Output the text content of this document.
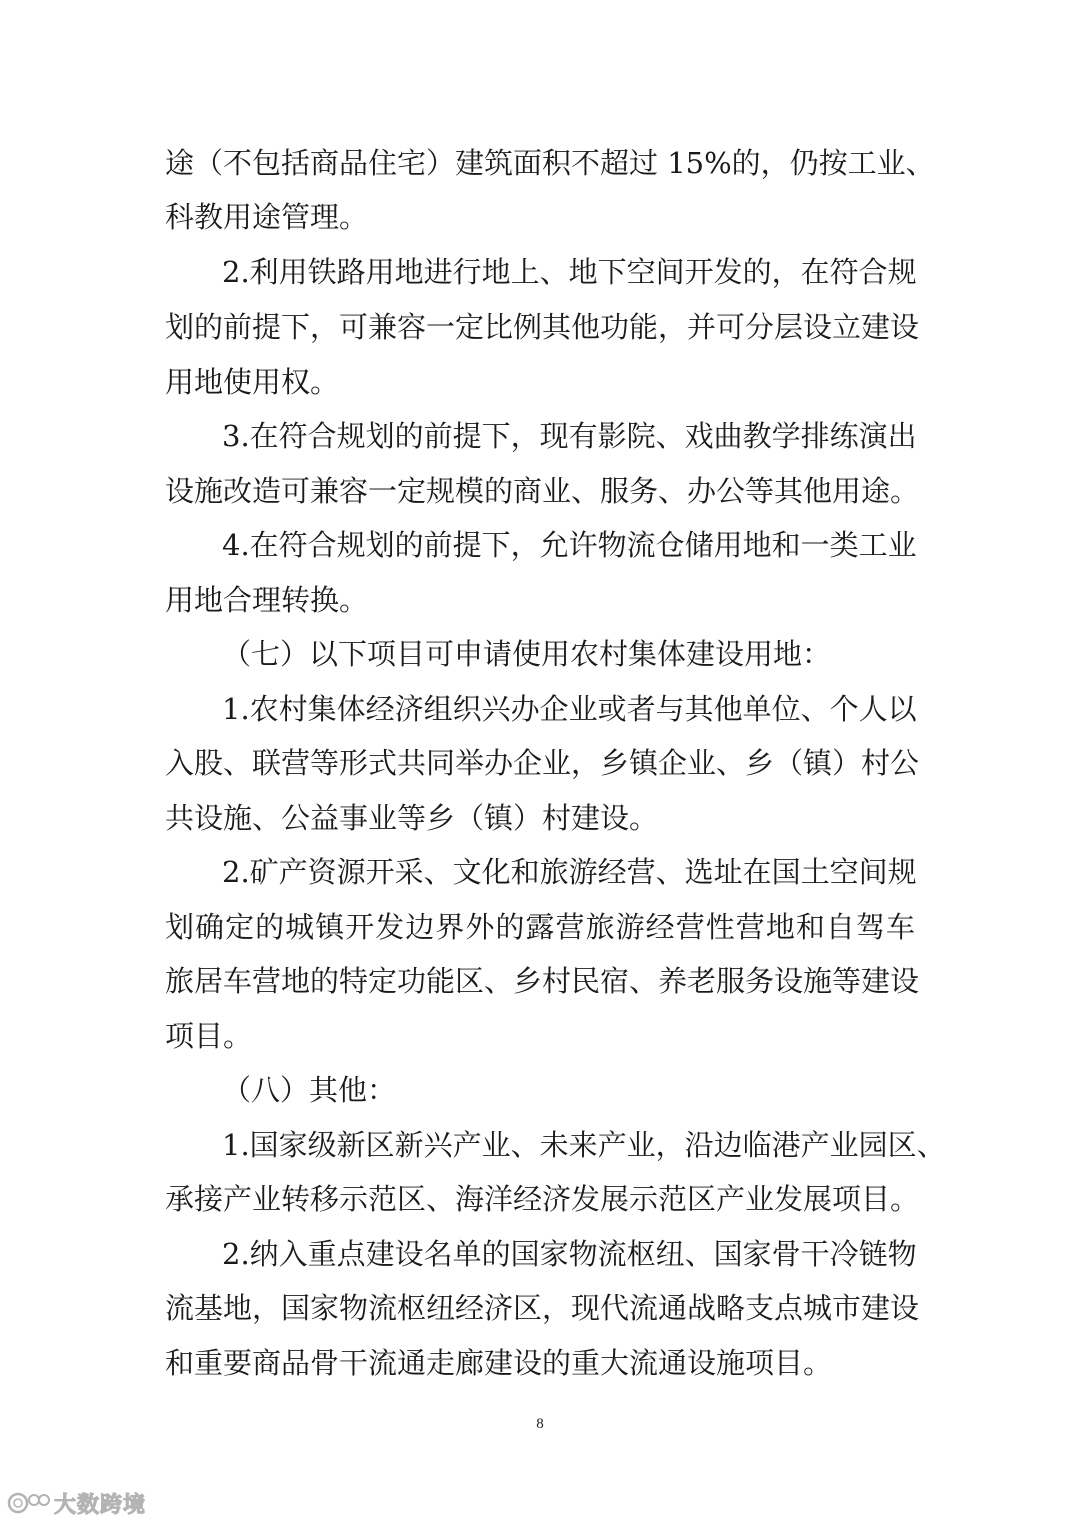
途（不包括商品住宅）建筑面积不超过 15%的，仍按工业、
科教用途管理。
2.利用铁路用地进行地上、地下空间开发的，在符合规
划的前提下，可兼容一定比例其他功能，并可分层设立建设
用地使用权。
3.在符合规划的前提下，现有影院、戏曲教学排练演出
设施改造可兼容一定规模的商业、服务、办公等其他用途。
4.在符合规划的前提下，允许物流仓储用地和一类工业
用地合理转换。
（七）以下项目可申请使用农村集体建设用地：
1.农村集体经济组织兴办企业或者与其他单位、个人以
入股、联营等形式共同举办企业，乡镇企业、乡（镇）村公
共设施、公益事业等乡（镇）村建设。
2.矿产资源开采、文化和旅游经营、选址在国土空间规
划确定的城镇开发边界外的露营旅游经营性营地和自驾车
旅居车营地的特定功能区、乡村民宿、养老服务设施等建设
项目。
（八）其他：
1.国家级新区新兴产业、未来产业，沿边临港产业园区、
承接产业转移示范区、海洋经济发展示范区产业发展项目。
2.纳入重点建设名单的国家物流枢纽、国家骨干冷链物
流基地，国家物流枢纽经济区，现代流通战略支点城市建设
和重要商品骨干流通走廊建设的重大流通设施项目。
8
大数跨境
